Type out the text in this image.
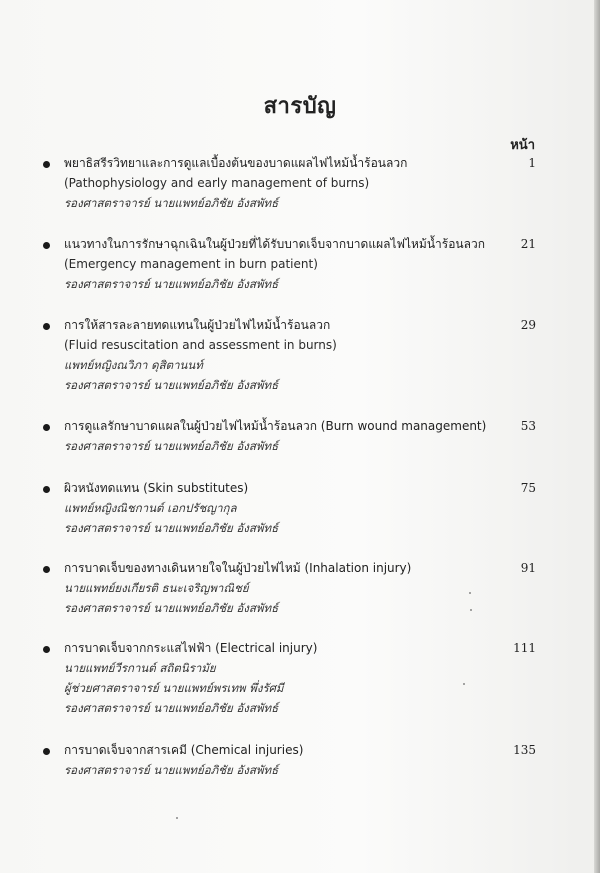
สารบัญ
หน้า
พยาธิสรีรวิทยาและการดูแลเบื้องต้นของบาดแผลไฟไหม้น้ำร้อนลวก
(Pathophysiology and early management of burns)
รองศาสตราจารย์ นายแพทย์อภิชัย อังสพัทธ์
1
แนวทางในการรักษาฉุกเฉินในผู้ป่วยที่ได้รับบาดเจ็บจากบาดแผลไฟไหม้น้ำร้อนลวก
(Emergency management in burn patient)
รองศาสตราจารย์ นายแพทย์อภิชัย อังสพัทธ์
21
การให้สารละลายทดแทนในผู้ป่วยไฟไหม้น้ำร้อนลวก
(Fluid resuscitation and assessment in burns)
แพทย์หญิงณวิภา ดุสิตานนท์
รองศาสตราจารย์ นายแพทย์อภิชัย อังสพัทธ์
29
การดูแลรักษาบาดแผลในผู้ป่วยไฟไหม้น้ำร้อนลวก (Burn wound management)
รองศาสตราจารย์ นายแพทย์อภิชัย อังสพัทธ์
53
ผิวหนังทดแทน (Skin substitutes)
แพทย์หญิงณิชกานต์ เอกปรัชญากุล
รองศาสตราจารย์ นายแพทย์อภิชัย อังสพัทธ์
75
การบาดเจ็บของทางเดินหายใจในผู้ป่วยไฟไหม้ (Inhalation injury)
นายแพทย์ยงเกียรติ ธนะเจริญพาณิชย์
รองศาสตราจารย์ นายแพทย์อภิชัย อังสพัทธ์
91
การบาดเจ็บจากกระแสไฟฟ้า (Electrical injury)
นายแพทย์วีรกานต์ สถิตนิรามัย
ผู้ช่วยศาสตราจารย์ นายแพทย์พรเทพ พึ่งรัศมี
รองศาสตราจารย์ นายแพทย์อภิชัย อังสพัทธ์
111
การบาดเจ็บจากสารเคมี (Chemical injuries)
รองศาสตราจารย์ นายแพทย์อภิชัย อังสพัทธ์
135
